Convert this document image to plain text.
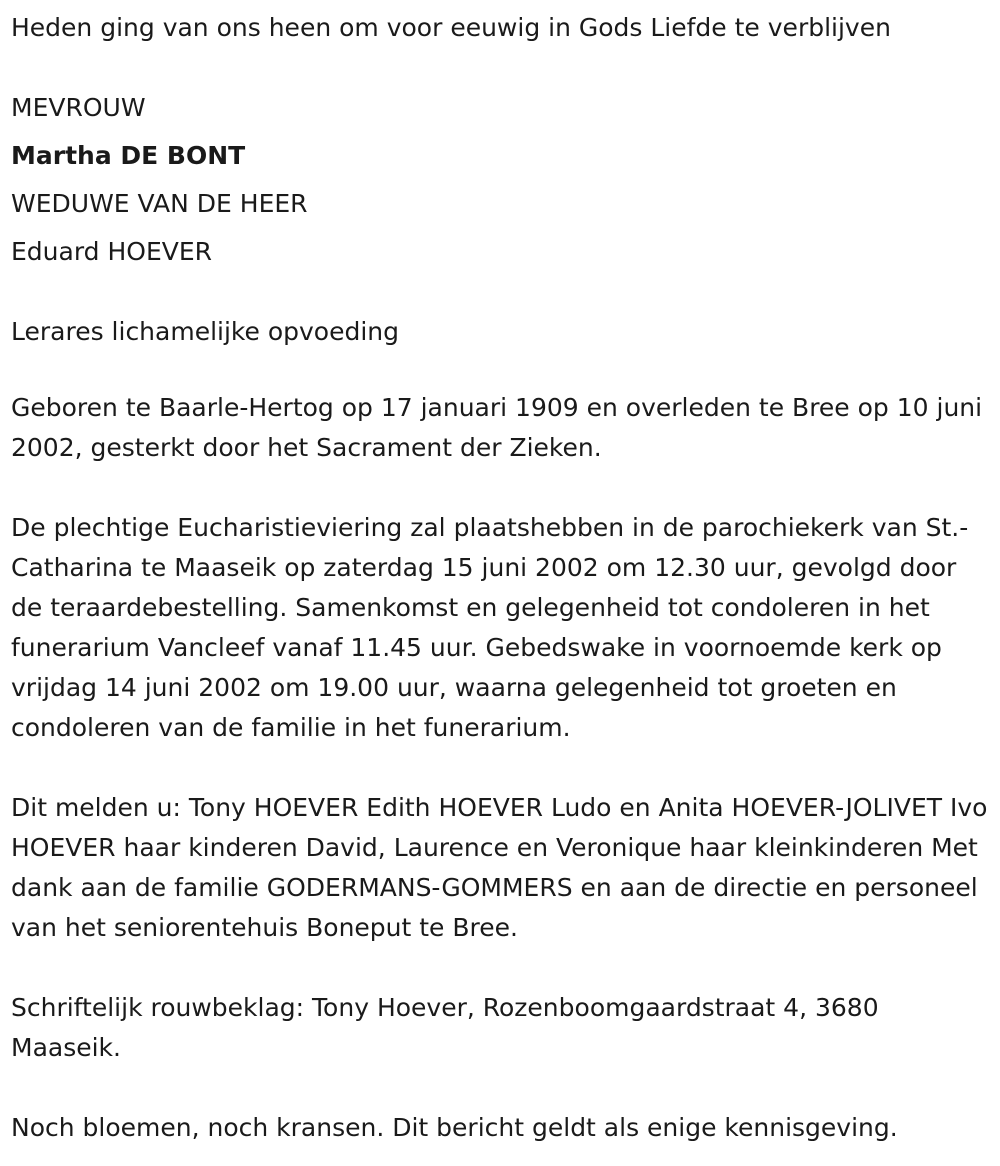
Heden ging van ons heen om voor eeuwig in Gods Liefde te verblijven

MEVROUW

Martha DE BONT

WEDUWE VAN DE HEER

Eduard HOEVER

Lerares lichamelijke opvoeding

Geboren te Baarle-Hertog op 17 januari 1909 en overleden te Bree op 10 juni 2002, gesterkt door het Sacrament der Zieken.

De plechtige Eucharistieviering zal plaatshebben in de parochiekerk van St.-Catharina te Maaseik op zaterdag 15 juni 2002 om 12.30 uur, gevolgd door de teraardebestelling. Samenkomst en gelegenheid tot condoleren in het funerarium Vancleef vanaf 11.45 uur. Gebedswake in voornoemde kerk op vrijdag 14 juni 2002 om 19.00 uur, waarna gelegenheid tot groeten en condoleren van de familie in het funerarium.

Dit melden u: Tony HOEVER Edith HOEVER Ludo en Anita HOEVER-JOLIVET Ivo HOEVER haar kinderen David, Laurence en Veronique haar kleinkinderen Met dank aan de familie GODERMANS-GOMMERS en aan de directie en personeel van het seniorentehuis Boneput te Bree.

Schriftelijk rouwbeklag: Tony Hoever, Rozenboomgaardstraat 4, 3680 Maaseik.

Noch bloemen, noch kransen. Dit bericht geldt als enige kennisgeving.
